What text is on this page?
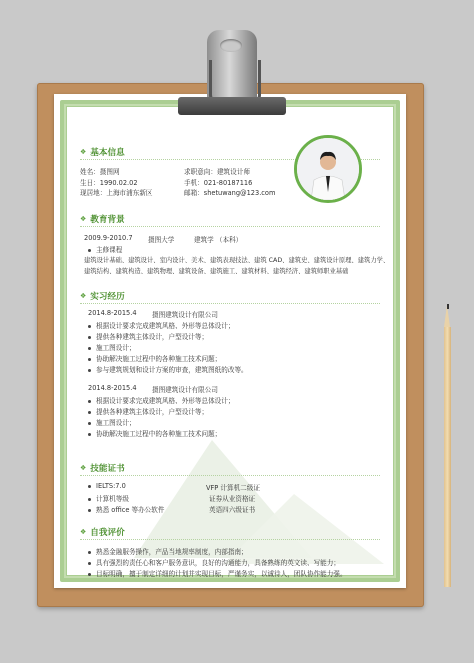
❖ 基本信息
姓名：摄图网
生日：1990.02.02
现居地：上海市浦东新区
求职意向：建筑设计师
手机：021-80187116
邮箱：shetuwang@123.com
❖ 教育背景
2009.9-2010.7 摄图大学	建筑学 （本科）
主修课程
建筑设计基础、建筑设计、室内设计、美术、建筑表现技法、建筑 CAD、建筑史、建筑设计原理、建筑力学、
建筑结构、建筑构造、建筑物理、建筑设备、建筑施工、建筑材料、建筑经济、建筑师职业基础
❖ 实习经历
2014.8-2015.4 摄图建筑设计有限公司
根据设计要求完成建筑风格、外形等总体设计；
提供各种建筑主体设计，户型设计等；
施工图设计；
协助解决施工过程中的各种施工技术问题；
参与建筑规划和设计方案的审查，建筑图纸的改等。
2014.8-2015.4 摄图建筑设计有限公司
根据设计要求完成建筑风格、外形等总体设计；
提供各种建筑主体设计，户型设计等；
施工图设计；
协助解决施工过程中的各种施工技术问题；
❖ 技能证书
IELTS:7.0
计算机等级
熟悉 office 等办公软件
VFP 计算机二级证
证券从业资格证
英语四六级证书
❖ 自我评价
熟悉金融服务操作，产品当地规率制度，内部指南；
具有强烈的责任心和客户服务意识，良好的沟通能力，具备熟练的英文读、写能力；
目标明确，擅于制定详细的计划并实现目标，严谨务实，以诚待人，团队协作能力强。
